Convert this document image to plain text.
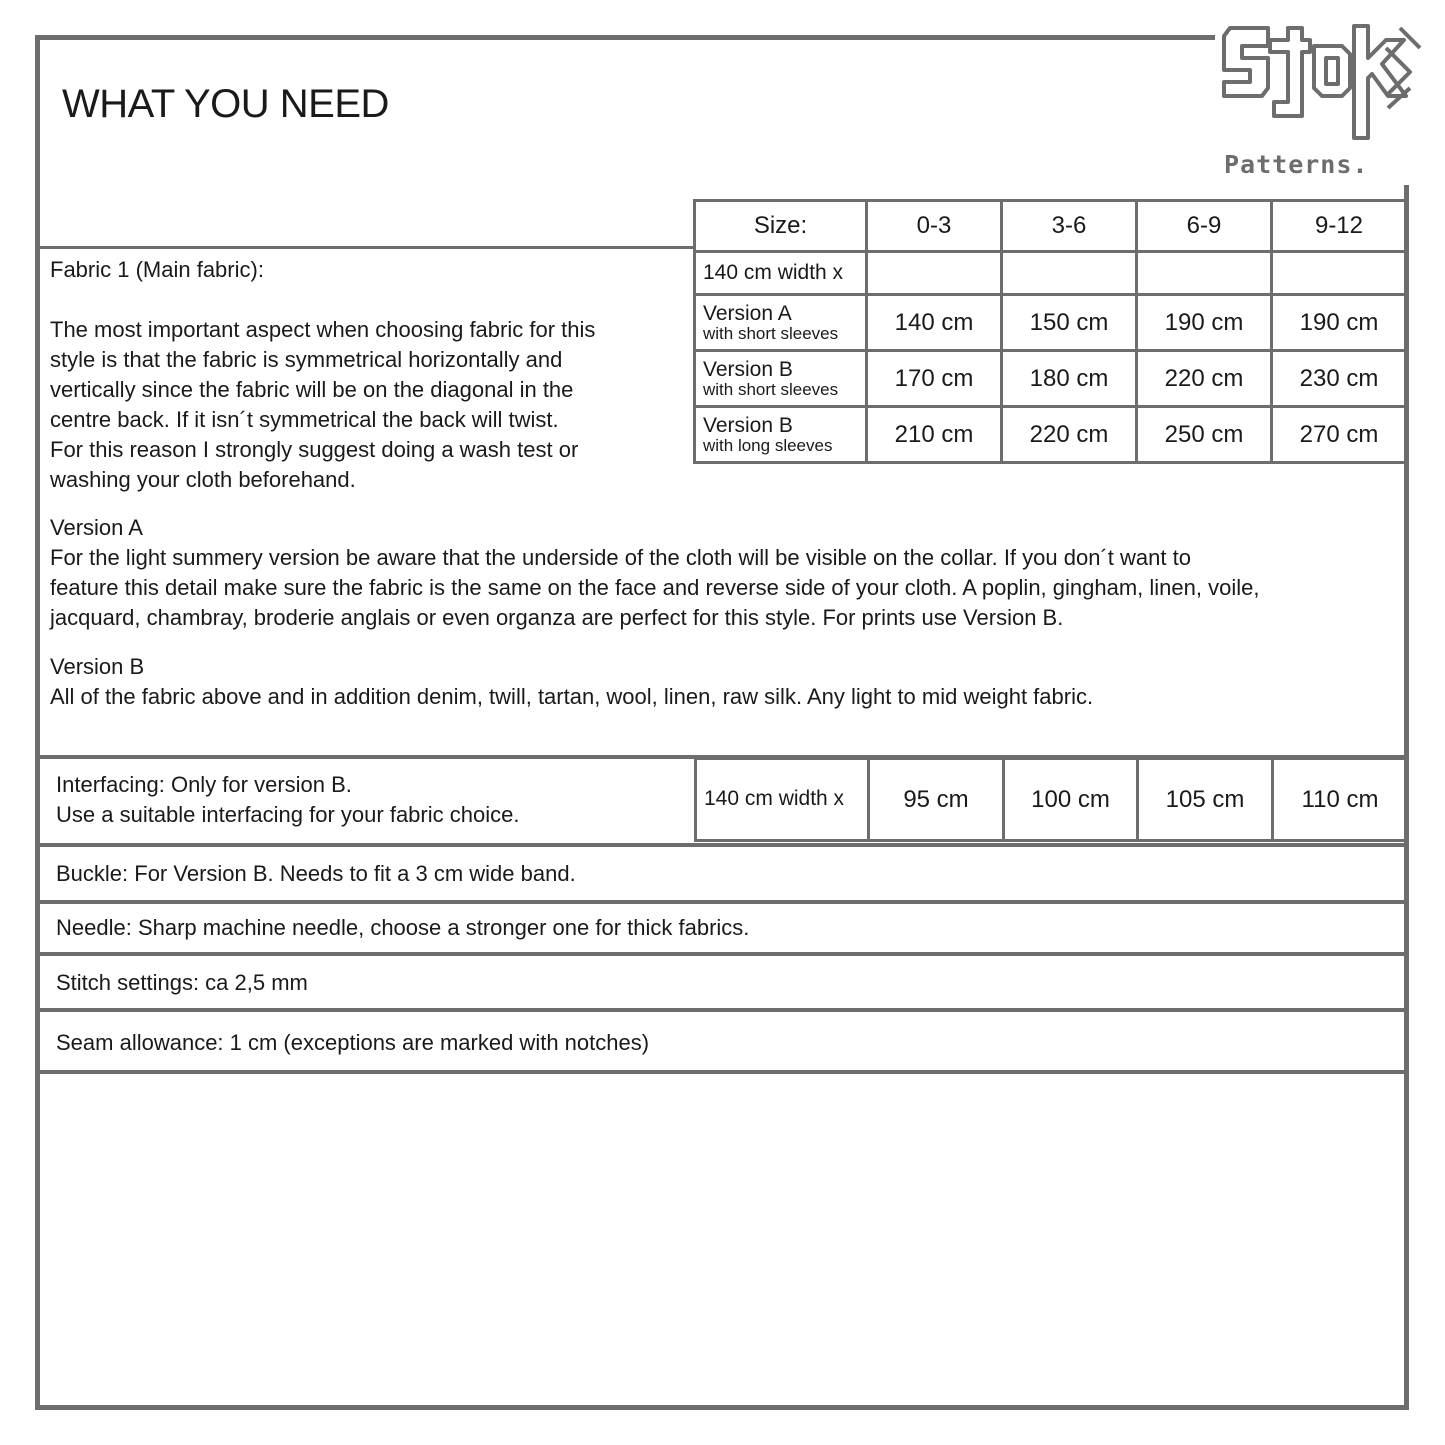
WHAT YOU NEED
Patterns.
Size:	0-3	3-6	6-9	9-12
140 cm width x				
Version A
with short sleeves	140 cm	150 cm	190 cm	190 cm
Version B
with short sleeves	170 cm	180 cm	220 cm	230 cm
Version B
with long sleeves	210 cm	220 cm	250 cm	270 cm
Fabric 1 (Main fabric):
The most important aspect when choosing fabric for this
style is that the fabric is symmetrical horizontally and
vertically since the fabric will be on the diagonal in the
centre back. If it isn´t symmetrical the back will twist.
For this reason I strongly suggest doing a wash test or
washing your cloth beforehand.
Version A
For the light summery version be aware that the underside of the cloth will be visible on the collar. If you don´t want to
feature this detail make sure the fabric is the same on the face and reverse side of your cloth. A poplin, gingham, linen, voile,
jacquard, chambray, broderie anglais or even organza are perfect for this style. For prints use Version B.
Version B
All of the fabric above and in addition denim, twill, tartan, wool, linen, raw silk. Any light to mid weight fabric.
Interfacing: Only for version B.
Use a suitable interfacing for your fabric choice.
140 cm width x	95 cm	100 cm	105 cm	110 cm
Buckle: For Version B. Needs to fit a 3 cm wide band.
Needle: Sharp machine needle, choose a stronger one for thick fabrics.
Stitch settings: ca 2,5 mm
Seam allowance: 1 cm (exceptions are marked with notches)
